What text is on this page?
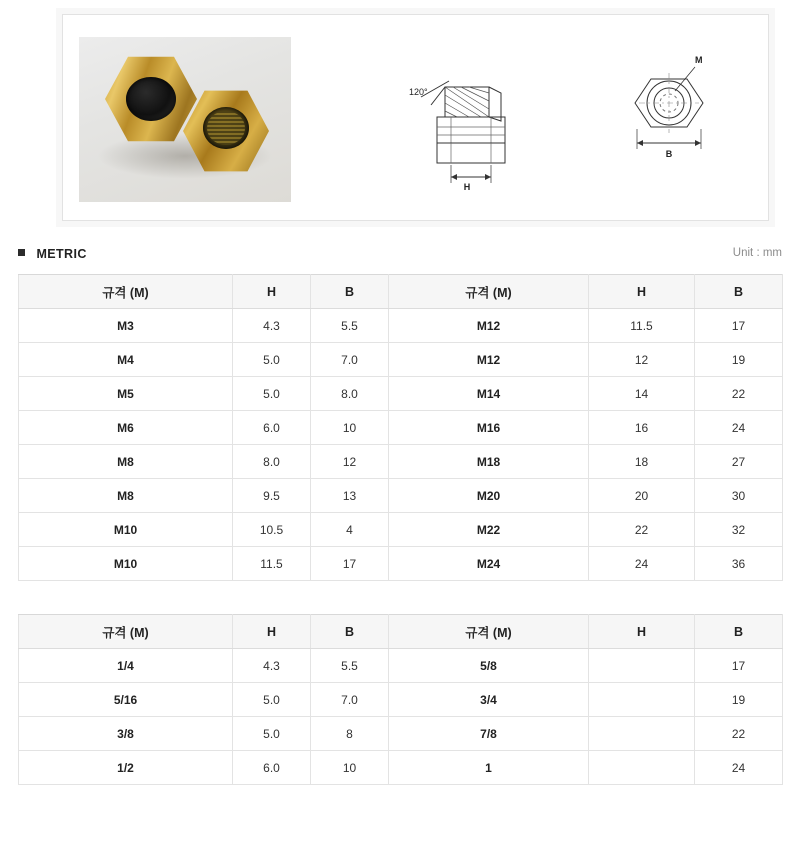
120°
H
M
B
METRIC	Unit : mm
규격 (M)	H	B	규격 (M)	H	B
M3	4.3	5.5	M12	11.5	17
M4	5.0	7.0	M12	12	19
M5	5.0	8.0	M14	14	22
M6	6.0	10	M16	16	24
M8	8.0	12	M18	18	27
M8	9.5	13	M20	20	30
M10	10.5	4	M22	22	32
M10	11.5	17	M24	24	36
규격 (M)	H	B	규격 (M)	H	B
1/4	4.3	5.5	5/8		17
5/16	5.0	7.0	3/4		19
3/8	5.0	8	7/8		22
1/2	6.0	10	1		24
